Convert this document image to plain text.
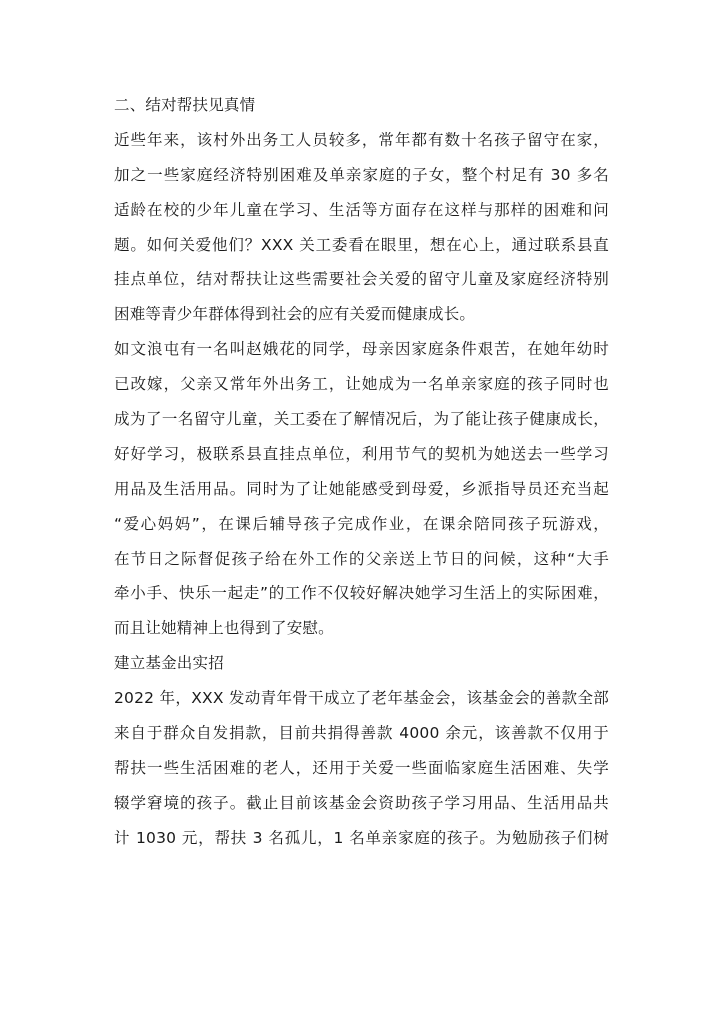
二、结对帮扶见真情
近些年来，该村外出务工人员较多，常年都有数十名孩子留守在家，
加之一些家庭经济特别困难及单亲家庭的子女，整个村足有 30 多名
适龄在校的少年儿童在学习、生活等方面存在这样与那样的困难和问
题。如何关爱他们？XXX 关工委看在眼里，想在心上，通过联系县直
挂点单位，结对帮扶让这些需要社会关爱的留守儿童及家庭经济特别
困难等青少年群体得到社会的应有关爱而健康成长。
如文浪屯有一名叫赵娥花的同学，母亲因家庭条件艰苦，在她年幼时
已改嫁，父亲又常年外出务工，让她成为一名单亲家庭的孩子同时也
成为了一名留守儿童，关工委在了解情况后，为了能让孩子健康成长，
好好学习，极联系县直挂点单位，利用节气的契机为她送去一些学习
用品及生活用品。同时为了让她能感受到母爱，乡派指导员还充当起
“爱心妈妈”，在课后辅导孩子完成作业，在课余陪同孩子玩游戏，
在节日之际督促孩子给在外工作的父亲送上节日的问候，这种“大手
牵小手、快乐一起走”的工作不仅较好解决她学习生活上的实际困难，
而且让她精神上也得到了安慰。
建立基金出实招
2022 年，XXX 发动青年骨干成立了老年基金会，该基金会的善款全部
来自于群众自发捐款，目前共捐得善款 4000 余元，该善款不仅用于
帮扶一些生活困难的老人，还用于关爱一些面临家庭生活困难、失学
辍学窘境的孩子。截止目前该基金会资助孩子学习用品、生活用品共
计 1030 元，帮扶 3 名孤儿，1 名单亲家庭的孩子。为勉励孩子们树
